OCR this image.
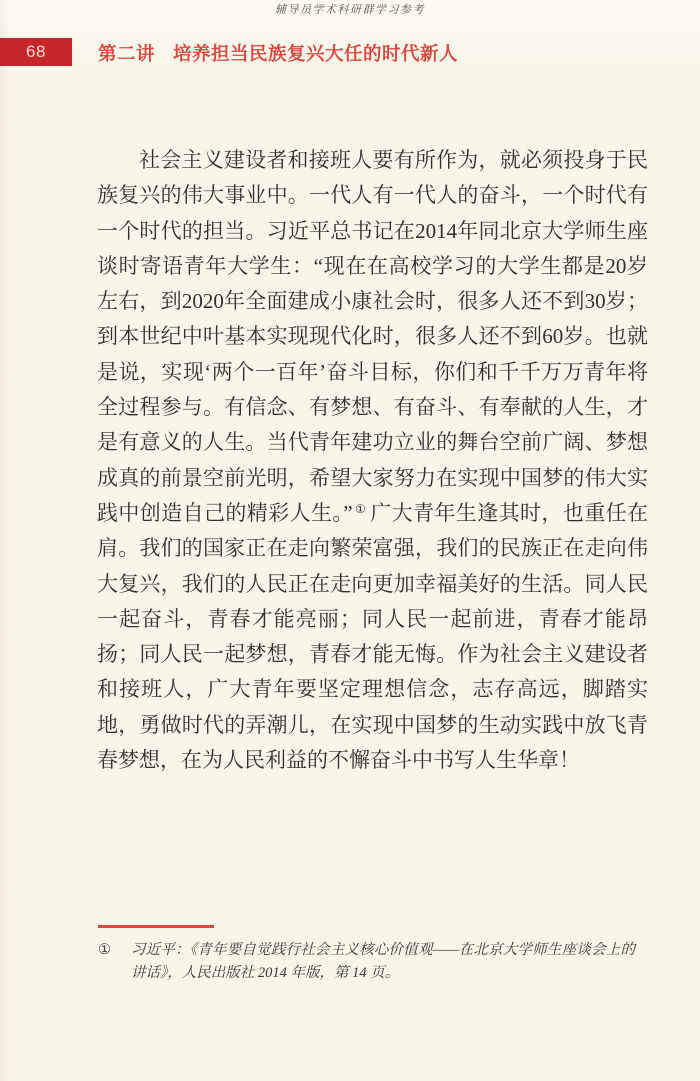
辅导员学术科研群学习参考
68	第二讲 培养担当民族复兴大任的时代新人

社会主义建设者和接班人要有所作为，就必须投身于民族复兴的伟大事业中。一代人有一代人的奋斗，一个时代有一个时代的担当。习近平总书记在2014年同北京大学师生座谈时寄语青年大学生：“现在在高校学习的大学生都是20岁左右，到2020年全面建成小康社会时，很多人还不到30岁；到本世纪中叶基本实现现代化时，很多人还不到60岁。也就是说，实现‘两个一百年’奋斗目标，你们和千千万万青年将全过程参与。有信念、有梦想、有奋斗、有奉献的人生，才是有意义的人生。当代青年建功立业的舞台空前广阔、梦想成真的前景空前光明，希望大家努力在实现中国梦的伟大实践中创造自己的精彩人生。” ① 广大青年生逢其时，也重任在肩。我们的国家正在走向繁荣富强，我们的民族正在走向伟大复兴，我们的人民正在走向更加幸福美好的生活。同人民一起奋斗，青春才能亮丽；同人民一起前进，青春才能昂扬；同人民一起梦想，青春才能无悔。作为社会主义建设者和接班人，广大青年要坚定理想信念，志存高远，脚踏实地，勇做时代的弄潮儿，在实现中国梦的生动实践中放飞青春梦想，在为人民利益的不懈奋斗中书写人生华章！

①	习近平：《青年要自觉践行社会主义核心价值观——在北京大学师生座谈会上的讲话》，人民出版社 2014 年版，第 14 页。
